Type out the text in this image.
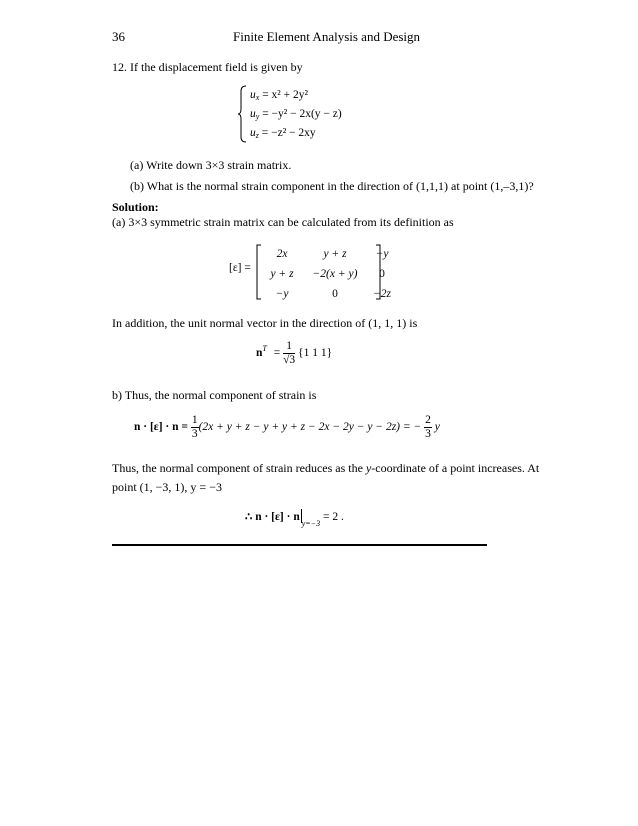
36	Finite Element Analysis and Design
12. If the displacement field is given by
$u_x = x^2 + 2y^2$
$u_y = -y^2 - 2x(y - z)$
$u_z = -z^2 - 2xy$
(a) Write down 3×3 strain matrix.
(b) What is the normal strain component in the direction of (1,1,1) at point (1,–3,1)?
Solution:
(a) 3×3 symmetric strain matrix can be calculated from its definition as
[ε] =
2x	y + z	−y
y + z	−2(x + y)	0
−y	0	−2z
In addition, the unit normal vector in the direction of (1, 1, 1) is
$n^T = \frac{1}{√3} \{1$ 1 1}
b) Thus, the normal component of strain is
$n \cdot [\varepsilon] \cdot n = \frac{1}{3} (2x + y + z - y + y + z - 2x - 2y - y - 2z)$ = − $\frac{2}{3}$ y
Thus, the normal component of strain reduces as the y-coordinate of a point increases. At
point (1, −3, 1), y = −3
∴ $n \cdot [\varepsilon] \cdot n_{y=-3} = 2$ .
